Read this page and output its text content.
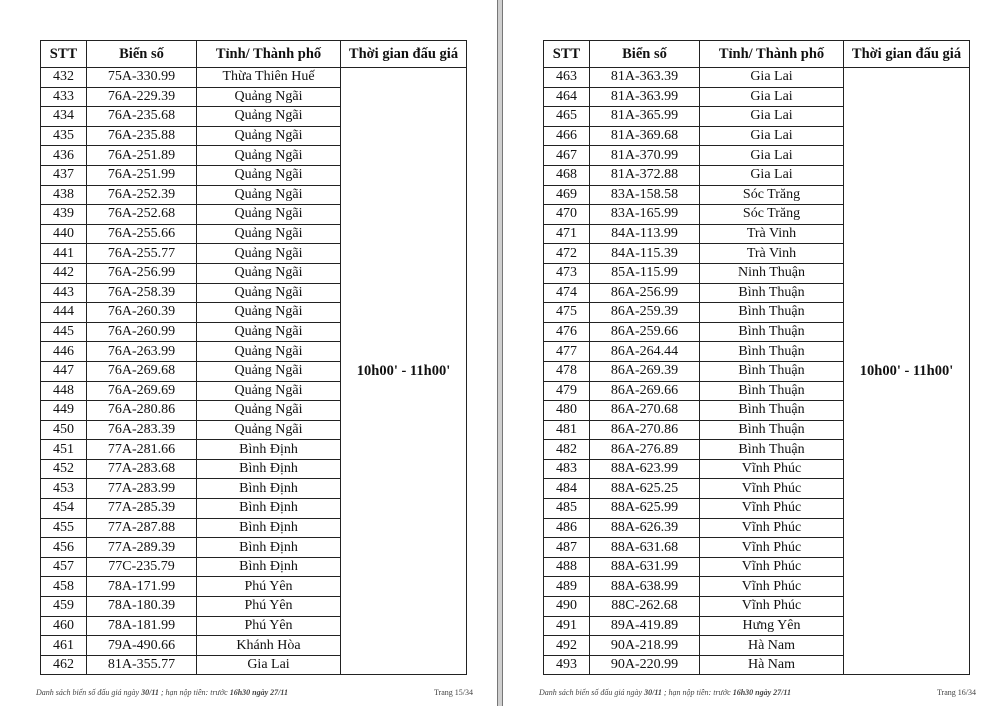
STT	Biển số	Tỉnh/ Thành phố	Thời gian đấu giá
432	75A-330.99	Thừa Thiên Huế	10h00' - 11h00'
433	76A-229.39	Quảng Ngãi	
434	76A-235.68	Quảng Ngãi	
435	76A-235.88	Quảng Ngãi	
436	76A-251.89	Quảng Ngãi	
437	76A-251.99	Quảng Ngãi	
438	76A-252.39	Quảng Ngãi	
439	76A-252.68	Quảng Ngãi	
440	76A-255.66	Quảng Ngãi	
441	76A-255.77	Quảng Ngãi	
442	76A-256.99	Quảng Ngãi	
443	76A-258.39	Quảng Ngãi	
444	76A-260.39	Quảng Ngãi	
445	76A-260.99	Quảng Ngãi	
446	76A-263.99	Quảng Ngãi	
447	76A-269.68	Quảng Ngãi	
448	76A-269.69	Quảng Ngãi	
449	76A-280.86	Quảng Ngãi	
450	76A-283.39	Quảng Ngãi	
451	77A-281.66	Bình Định	
452	77A-283.68	Bình Định	
453	77A-283.99	Bình Định	
454	77A-285.39	Bình Định	
455	77A-287.88	Bình Định	
456	77A-289.39	Bình Định	
457	77C-235.79	Bình Định	
458	78A-171.99	Phú Yên	
459	78A-180.39	Phú Yên	
460	78A-181.99	Phú Yên	
461	79A-490.66	Khánh Hòa	
462	81A-355.77	Gia Lai	
Danh sách biển số đấu giá ngày 30/11 ; hạn nộp tiền: trước 16h30 ngày 27/11	Trang 15/34
STT	Biển số	Tỉnh/ Thành phố	Thời gian đấu giá
463	81A-363.39	Gia Lai	10h00' - 11h00'
464	81A-363.99	Gia Lai	
465	81A-365.99	Gia Lai	
466	81A-369.68	Gia Lai	
467	81A-370.99	Gia Lai	
468	81A-372.88	Gia Lai	
469	83A-158.58	Sóc Trăng	
470	83A-165.99	Sóc Trăng	
471	84A-113.99	Trà Vinh	
472	84A-115.39	Trà Vinh	
473	85A-115.99	Ninh Thuận	
474	86A-256.99	Bình Thuận	
475	86A-259.39	Bình Thuận	
476	86A-259.66	Bình Thuận	
477	86A-264.44	Bình Thuận	
478	86A-269.39	Bình Thuận	
479	86A-269.66	Bình Thuận	
480	86A-270.68	Bình Thuận	
481	86A-270.86	Bình Thuận	
482	86A-276.89	Bình Thuận	
483	88A-623.99	Vĩnh Phúc	
484	88A-625.25	Vĩnh Phúc	
485	88A-625.99	Vĩnh Phúc	
486	88A-626.39	Vĩnh Phúc	
487	88A-631.68	Vĩnh Phúc	
488	88A-631.99	Vĩnh Phúc	
489	88A-638.99	Vĩnh Phúc	
490	88C-262.68	Vĩnh Phúc	
491	89A-419.89	Hưng Yên	
492	90A-218.99	Hà Nam	
493	90A-220.99	Hà Nam	
Danh sách biển số đấu giá ngày 30/11 ; hạn nộp tiền: trước 16h30 ngày 27/11	Trang 16/34
